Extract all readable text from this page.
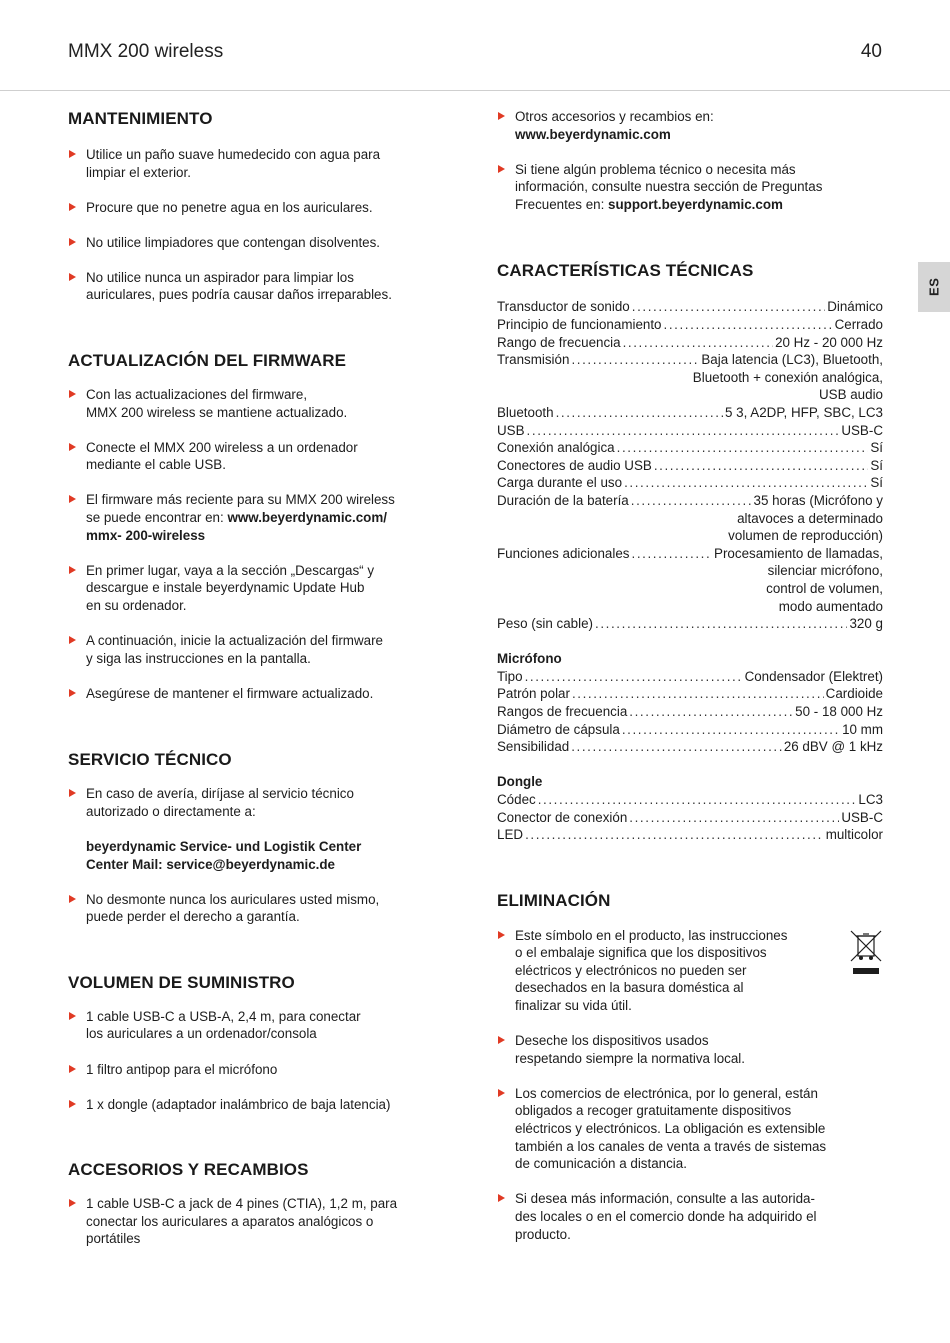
MMX 200 wireless	40
ES
MANTENIMIENTO
Utilice un paño suave humedecido con agua para
limpiar el exterior.
Procure que no penetre agua en los auriculares.
No utilice limpiadores que contengan disolventes.
No utilice nunca un aspirador para limpiar los
auriculares, pues podría causar daños irreparables.
ACTUALIZACIÓN DEL FIRMWARE
Con las actualizaciones del firmware,
MMX 200 wireless se mantiene actualizado.
Conecte el MMX 200 wireless a un ordenador
mediante el cable USB.
El firmware más reciente para su MMX 200 wireless
se puede encontrar en: www.beyerdynamic.com/
mmx- 200-wireless
En primer lugar, vaya a la sección „Descargas“ y
descargue e instale beyerdynamic Update Hub
en su ordenador.
A continuación, inicie la actualización del firmware
y siga las instrucciones en la pantalla.
Asegúrese de mantener el firmware actualizado.
SERVICIO TÉCNICO
En caso de avería, diríjase al servicio técnico
autorizado o directamente a:
beyerdynamic Service- und Logistik Center
Center Mail: service@beyerdynamic.de
No desmonte nunca los auriculares usted mismo,
puede perder el derecho a garantía.
VOLUMEN DE SUMINISTRO
1 cable USB-C a USB-A, 2,4 m, para conectar
los auriculares a un ordenador/consola
1 filtro antipop para el micrófono
1 x dongle (adaptador inalámbrico de baja latencia)
ACCESORIOS Y RECAMBIOS
1 cable USB-C a jack de 4 pines (CTIA), 1,2 m, para
conectar los auriculares a aparatos analógicos o
portátiles
Otros accesorios y recambios en:
www.beyerdynamic.com
Si tiene algún problema técnico o necesita más
información, consulte nuestra sección de Preguntas
Frecuentes en: support.beyerdynamic.com
CARACTERÍSTICAS TÉCNICAS
Transductor de sonido .....	Dinámico
Principio de funcionamiento .....	Cerrado
Rango de frecuencia .....	20 Hz - 20 000 Hz
Transmisión .....	Baja latencia (LC3), Bluetooth,
Bluetooth + conexión analógica,
USB audio
Bluetooth .....	5 3, A2DP, HFP, SBC, LC3
USB .....	USB-C
Conexión analógica .....	Sí
Conectores de audio USB .....	Sí
Carga durante el uso .....	Sí
Duración de la batería .....	35 horas (Micrófono y
altavoces a determinado
volumen de reproducción)
Funciones adicionales .....	Procesamiento de llamadas,
silenciar micrófono,
control de volumen,
modo aumentado
Peso (sin cable) .....	320 g
Micrófono
Tipo .....	Condensador (Elektret)
Patrón polar .....	Cardioide
Rangos de frecuencia .....	50 - 18 000 Hz
Diámetro de cápsula .....	10 mm
Sensibilidad .....	26 dBV @ 1 kHz
Dongle
Códec .....	LC3
Conector de conexión .....	USB-C
LED .....	multicolor
ELIMINACIÓN
Este símbolo en el producto, las instrucciones
o el embalaje significa que los dispositivos
eléctricos y electrónicos no pueden ser
desechados en la basura doméstica al
finalizar su vida útil.
Deseche los dispositivos usados
respetando siempre la normativa local.
Los comercios de electrónica, por lo general, están
obligados a recoger gratuitamente dispositivos
eléctricos y electrónicos. La obligación es extensible
también a los canales de venta a través de sistemas
de comunicación a distancia.
Si desea más información, consulte a las autorida-
des locales o en el comercio donde ha adquirido el
producto.
